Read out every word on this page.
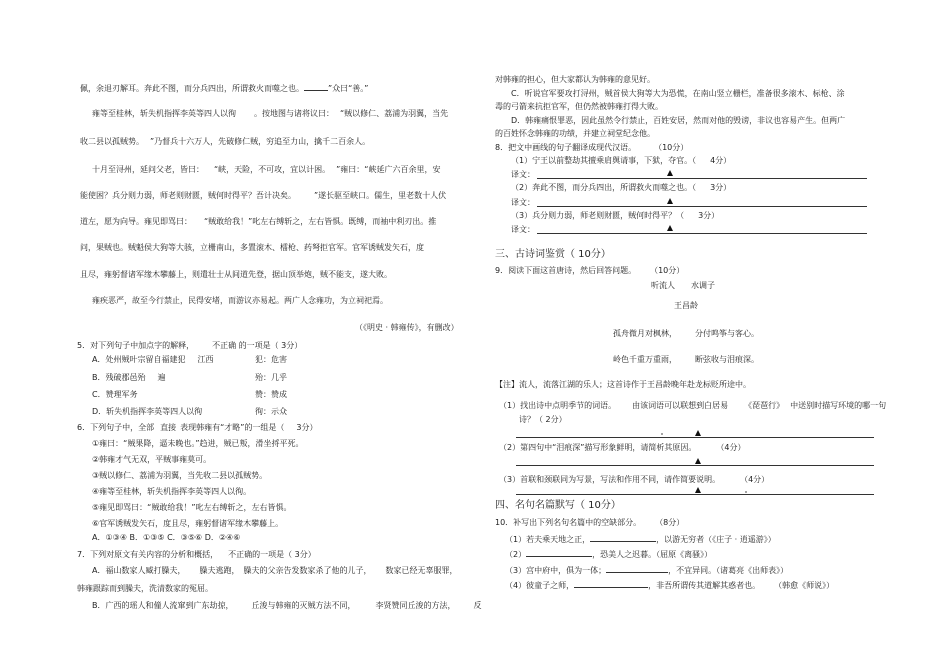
佩，余退刃解耳。奔此不图，而分兵四出，所谓救火而噬之也。	”众曰“善。”
雍等至桂林，斩失机指挥李英等四人以徇 。按地图与诸将议曰： “贼以修仁、荔浦为羽翼，当先
收二县以孤贼势。 ”乃督兵十六万人，先破修仁贼，穷追至力山，擒千二百余人。
十月至浔州，延问父老，皆曰： “峡，天险，不可攻，宜以计困。 ”雍曰：“峡延广六百余里，安
能使困？兵分则力弱，师老则财匮，贼何时得平？吾计决矣。 ”遂长驱至峡口。儒生，里老数十人伏
道左，愿为向导。雍见即骂曰： “贼敢给我！”叱左右缚斩之，左右皆惧。既缚，而袖中利刃出。推
问，果贼也。贼魁侯大狗等大骇，立栅南山，多置滚木、檑枪、药弩拒官军。官军诱贼发矢石，度
且尽，雍躬督诸军缘木攀藤上，则遣壮士从间道先登，据山顶举炮，贼不能支，遂大败。
雍疾恶严，故至今行禁止，民得安堵，而游议亦易起。两广人念雍功，为立祠祀焉。
（《明史 · 韩雍传》，有删改）
5．对下列句子中加点字的解释， 不正确 的一项是（ 3分）
A．处州贼叶宗留自福建犯 江西	犯：危害
B．残破郡邑殆 遍	殆：几乎
C．赞理军务	赞：赞成
D．斩失机指挥李英等四人以徇	徇：示众
6．下列句子中，全部 直接 表现韩雍有“才略”的一组是（ 3分）
①雍曰：“贼果降，逼未晚也。”趋进，贼已叛，滑坐捋平死。
②韩雍才气无双，平贼事雍莫可。
③贼以修仁、荔浦为羽翼，当先收二县以孤贼势。
④雍等至桂林，斩失机指挥李英等四人以徇。
⑤雍见即骂曰：“贼敢给我！”叱左右缚斩之，左右皆惧。
⑥官军诱贼发矢石，度且尽，雍躬督诸军缘木攀藤上。
A．①③④ B．①③⑤ C．③⑤⑥ D．②④⑥
7．下列对原文有关内容的分析和概括， 不正确的一项是（ 3分）
A．福山数家人臧打臊夫， 臊夫逃跑， 臊夫的父亲告发数家杀了他的儿子， 数家已经无辜服罪，
韩雍跟踪而到臊夫，洗清数家的冤屈。
B．广西的瑶人和僮人流窜到广东劫掠， 丘浚与韩雍的灭贼方法不同，	李贤赞同丘浚的方法， 反
对韩雍的担心，但大家都认为韩雍的意见好。
C．听说官军要攻打浔州，贼首侯大狗等大为恐慌，在南山竖立栅栏，准备很多滚木、标枪、涂
毒的弓箭来抗拒官军，但仍然被韩雍打得大败。
D．韩雍痛恨罪恶，因此虽然令行禁止，百姓安居，然而对他的毁谤，非议也容易产生。但两广
的百姓怀念韩雍的功绩，并建立祠堂纪念他。
8．把文中画线的句子翻译成现代汉语。 （10分）
（1）宁王以前整劫其擅乘肩舆请事，下狱，夺官。（ 4分）
译文：
（2）奔此不图，而分兵四出，所谓救火而噬之也。（ 3分）
译文：
（3）兵分则力弱，师老则财匮，贼何时得平？（ 3分）
译文：
三、古诗词鉴赏（ 10分）
9．阅读下面这首唐诗，然后回答问题。 （10分）
听流人 水调子
王昌龄
孤舟微月对枫林， 分付鸣筝与客心。
岭色千重万重雨， 断弦收与泪痕深。
【注】流人，流落江湖的乐人；这首诗作于王昌龄晚年赴龙标贬所途中。
（1）找出诗中点明季节的词语。 由该词语可以联想到白居易 《琵琶行》 中送别时描写环境的哪一句
诗？（ 2分）
（2）第四句中“泪痕深”描写形象鲜明，请简析其原因。	（4分）
（3）首联和颈联同为写景，写法和作用不同，请作简要说明。	（4分）
四、名句名篇默写（ 10分）
10．补写出下列名句名篇中的空缺部分。 （8分）
（1）若夫乘天地之正，	，以游无穷者（《庄子 · 逍遥游》）
（2）	，恐美人之迟暮。（屈原《离骚》）
（3）宫中府中，俱为一体；	，不宜异同。（诸葛亮《出师表》）
（4）彼童子之师，	，非吾所谓传其道解其惑者也。 （韩愈《师说》）
